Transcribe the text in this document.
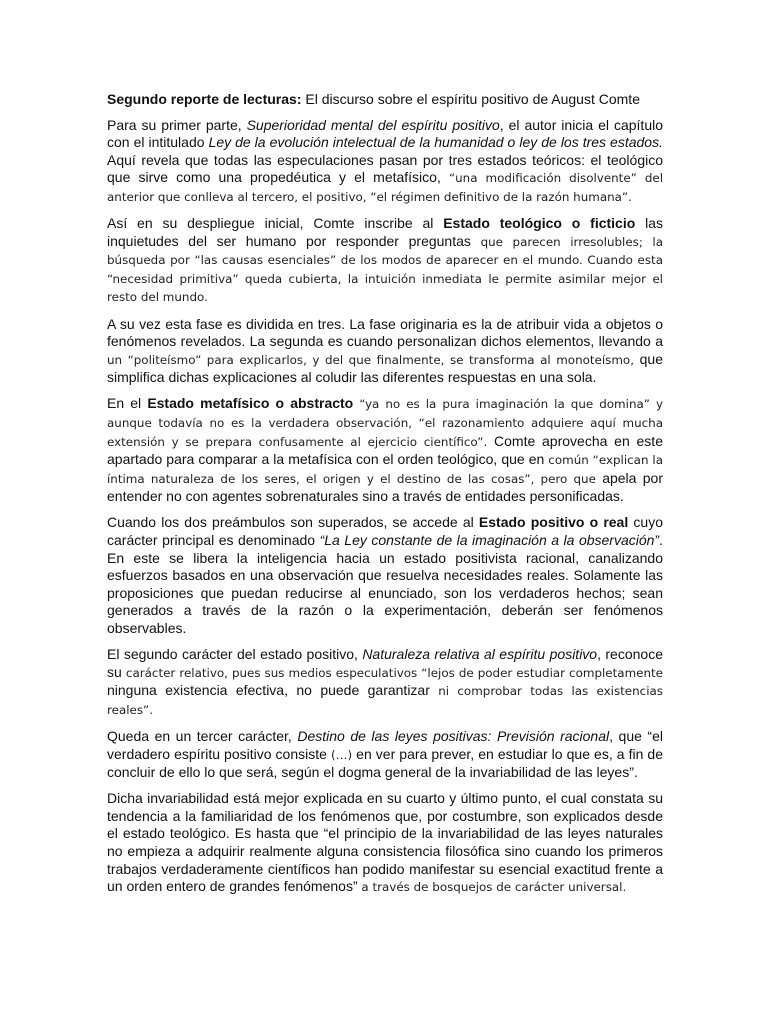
Segundo reporte de lecturas: El discurso sobre el espíritu positivo de August Comte

Para su primer parte, Superioridad mental del espíritu positivo, el autor inicia el capítulo con el intitulado Ley de la evolución intelectual de la humanidad o ley de los tres estados. Aquí revela que todas las especulaciones pasan por tres estados teóricos: el teológico que sirve como una propedéutica y el metafísico, “una modificación disolvente” del anterior que conlleva al tercero, el positivo, “el régimen definitivo de la razón humana”.

Así en su despliegue inicial, Comte inscribe al Estado teológico o ficticio las inquietudes del ser humano por responder preguntas que parecen irresolubles; la búsqueda por “las causas esenciales” de los modos de aparecer en el mundo. Cuando esta “necesidad primitiva” queda cubierta, la intuición inmediata le permite asimilar mejor el resto del mundo.

A su vez esta fase es dividida en tres. La fase originaria es la de atribuir vida a objetos o fenómenos revelados. La segunda es cuando personalizan dichos elementos, llevando a un “politeísmo” para explicarlos, y del que finalmente, se transforma al monoteísmo, que simplifica dichas explicaciones al coludir las diferentes respuestas en una sola.

En el Estado metafísico o abstracto “ya no es la pura imaginación la que domina” y aunque todavía no es la verdadera observación, “el razonamiento adquiere aquí mucha extensión y se prepara confusamente al ejercicio científico”. Comte aprovecha en este apartado para comparar a la metafísica con el orden teológico, que en común “explican la íntima naturaleza de los seres, el origen y el destino de las cosas”, pero que apela por entender no con agentes sobrenaturales sino a través de entidades personificadas.

Cuando los dos preámbulos son superados, se accede al Estado positivo o real cuyo carácter principal es denominado “La Ley constante de la imaginación a la observación”. En este se libera la inteligencia hacia un estado positivista racional, canalizando esfuerzos basados en una observación que resuelva necesidades reales. Solamente las proposiciones que puedan reducirse al enunciado, son los verdaderos hechos; sean generados a través de la razón o la experimentación, deberán ser fenómenos observables.

El segundo carácter del estado positivo, Naturaleza relativa al espíritu positivo, reconoce su carácter relativo, pues sus medios especulativos “lejos de poder estudiar completamente ninguna existencia efectiva, no puede garantizar ni comprobar todas las existencias reales”.

Queda en un tercer carácter, Destino de las leyes positivas: Previsión racional, que “el verdadero espíritu positivo consiste (…) en ver para prever, en estudiar lo que es, a fin de concluir de ello lo que será, según el dogma general de la invariabilidad de las leyes”.

Dicha invariabilidad está mejor explicada en su cuarto y último punto, el cual constata su tendencia a la familiaridad de los fenómenos que, por costumbre, son explicados desde el estado teológico. Es hasta que “el principio de la invariabilidad de las leyes naturales no empieza a adquirir realmente alguna consistencia filosófica sino cuando los primeros trabajos verdaderamente científicos han podido manifestar su esencial exactitud frente a un orden entero de grandes fenómenos” a través de bosquejos de carácter universal.
